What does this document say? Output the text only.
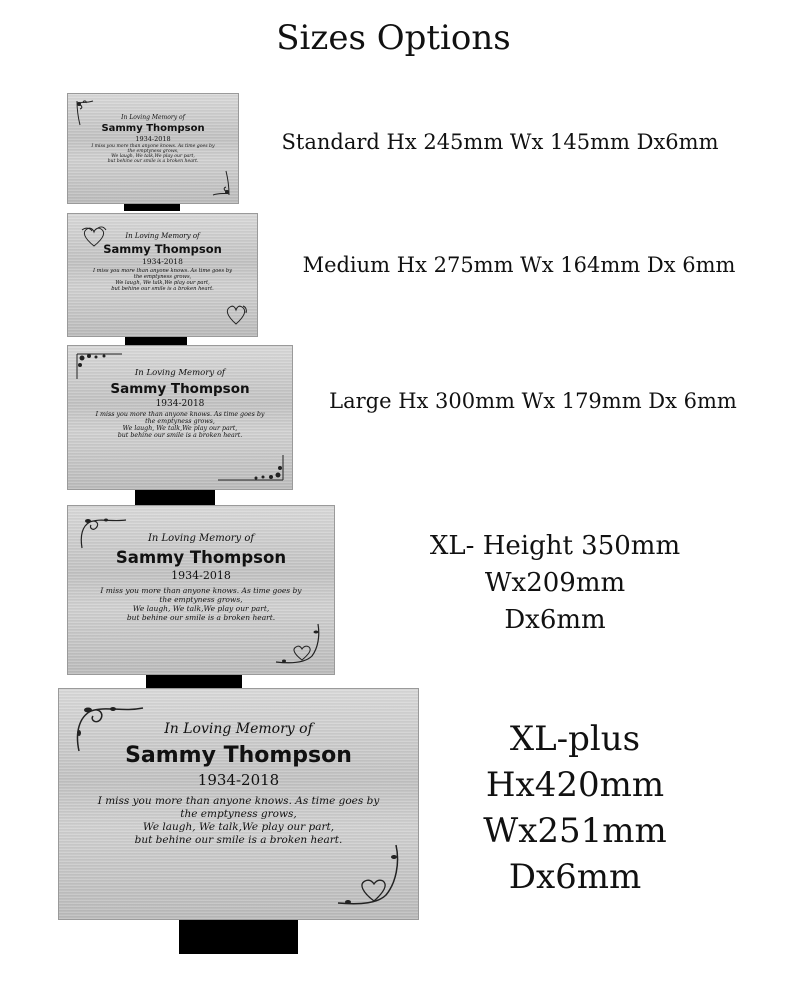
Sizes Options
In Loving Memory of
Sammy Thompson
1934-2018
I miss you more than anyone knows. As time goes by
the emptyness grows,
We laugh, We talk,We play our part,
but behine our smile is a broken heart.
Standard Hx 245mm Wx 145mm Dx6mm
In Loving Memory of
Sammy Thompson
1934-2018
I miss you more than anyone knows. As time goes by
the emptyness grows,
We laugh, We talk,We play our part,
but behine our smile is a broken heart.
Medium Hx 275mm Wx 164mm Dx 6mm
In Loving Memory of
Sammy Thompson
1934-2018
I miss you more than anyone knows. As time goes by
the emptyness grows,
We laugh, We talk,We play our part,
but behine our smile is a broken heart.
Large Hx 300mm Wx 179mm Dx 6mm
In Loving Memory of
Sammy Thompson
1934-2018
I miss you more than anyone knows. As time goes by
the emptyness grows,
We laugh, We talk,We play our part,
but behine our smile is a broken heart.
XL- Height 350mm
Wx209mm
Dx6mm
In Loving Memory of
Sammy Thompson
1934-2018
I miss you more than anyone knows. As time goes by
the emptyness grows,
We laugh, We talk,We play our part,
but behine our smile is a broken heart.
XL-plus
Hx420mm
Wx251mm
Dx6mm
